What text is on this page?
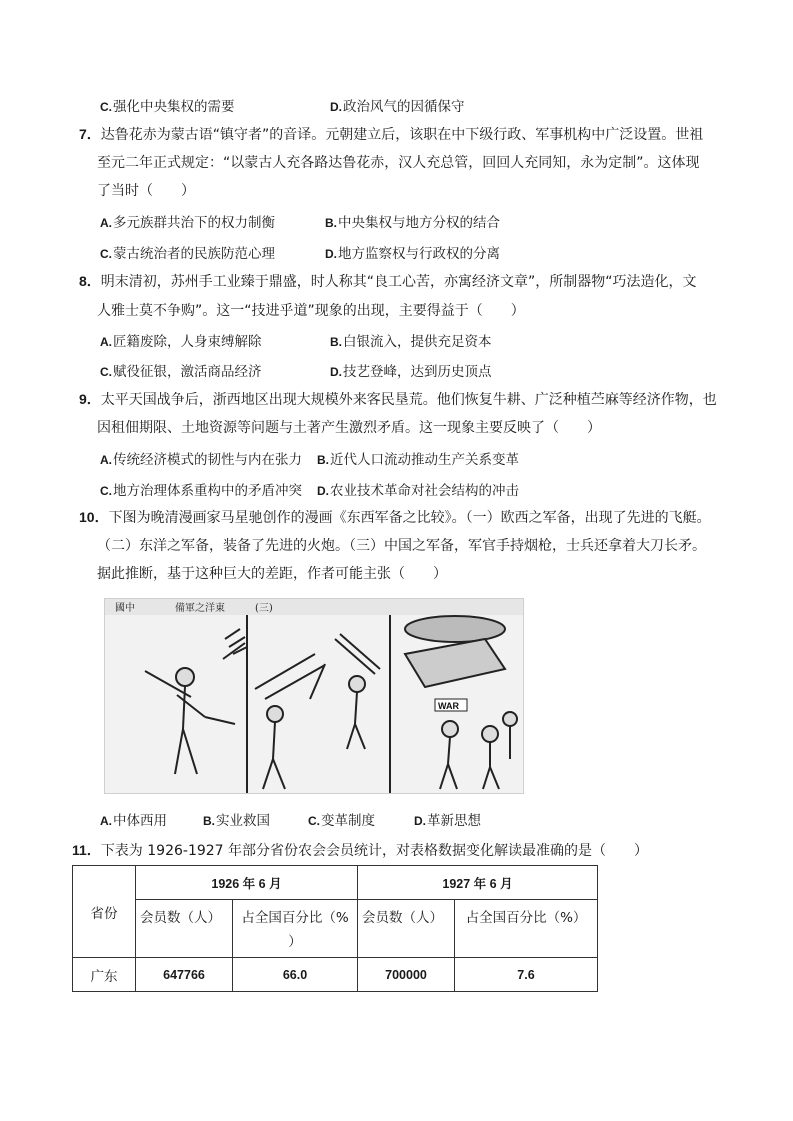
C.强化中央集权的需要	D.政治风气的因循保守
7．达鲁花赤为蒙古语“镇守者”的音译。元朝建立后，该职在中下级行政、军事机构中广泛设置。世祖
至元二年正式规定：“以蒙古人充各路达鲁花赤，汉人充总管，回回人充同知，永为定制”。这体现
了当时（　　）
A.多元族群共治下的权力制衡	B.中央集权与地方分权的结合
C.蒙古统治者的民族防范心理	D.地方监察权与行政权的分离
8．明末清初，苏州手工业臻于鼎盛，时人称其“良工心苦，亦寓经济文章”，所制器物“巧法造化，文
人雅士莫不争购”。这一“技进乎道”现象的出现，主要得益于（　　）
A.匠籍废除，人身束缚解除	B.白银流入，提供充足资本
C.赋役征银，激活商品经济	D.技艺登峰，达到历史顶点
9．太平天国战争后，浙西地区出现大规模外来客民垦荒。他们恢复牛耕、广泛种植苎麻等经济作物，也
因租佃期限、土地资源等问题与土著产生激烈矛盾。这一现象主要反映了（　　）
A.传统经济模式的韧性与内在张力 B.近代人口流动推动生产关系变革
C.地方治理体系重构中的矛盾冲突 D.农业技术革命对社会结构的冲击
10．下图为晚清漫画家马星驰创作的漫画《东西军备之比较》。（一）欧西之军备，出现了先进的飞艇。
（二）东洋之军备，装备了先进的火炮。（三）中国之军备，军官手持烟枪，士兵还拿着大刀长矛。
据此推断，基于这种巨大的差距，作者可能主张（　　）
國中　　　　備軍之洋東　　　(三)
WAR
A.中体西用	B.实业救国	C.变革制度	D.革新思想
11．下表为 1926-1927 年部分省份农会会员统计，对表格数据变化解读最准确的是（　　）
省份	1926 年 6 月		1927 年 6 月	
	会员数（人）	占全国百分比（%
）	会员数（人）	占全国百分比（%）
广东	647766	66.0	700000	7.6
